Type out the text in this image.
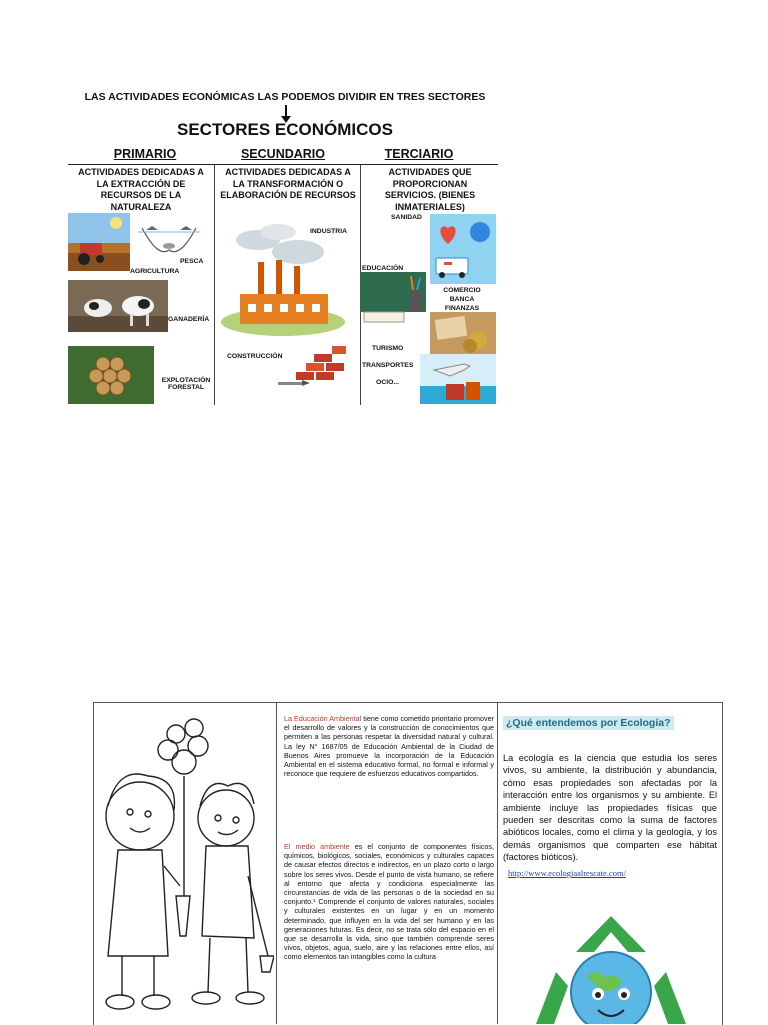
LAS ACTIVIDADES ECONÓMICAS LAS PODEMOS DIVIDIR EN TRES SECTORES
SECTORES ECONÓMICOS
PRIMARIO	SECUNDARIO	TERCIARIO
ACTIVIDADES DEDICADAS A LA EXTRACCIÓN DE RECURSOS DE LA NATURALEZA
ACTIVIDADES DEDICADAS A LA TRANSFORMACIÓN O ELABORACIÓN DE RECURSOS
ACTIVIDADES QUE PROPORCIONAN SERVICIOS. (BIENES INMATERIALES)
PESCA
AGRICULTURA
GANADERÍA
EXPLOTACIÓN FORESTAL
INDUSTRIA
CONSTRUCCIÓN
SANIDAD
EDUCACIÓN
COMERCIO BANCA FINANZAS
TURISMO
TRANSPORTES
OCIO...
La Educación Ambiental tiene como cometido prioritario promover el desarrollo de valores y la construcción de conocimientos que permiten a las personas respetar la diversidad natural y cultural. La ley N° 1687/05 de Educación Ambiental de la Ciudad de Buenos Aires promueve la incorporación de la Educación Ambiental en el sistema educativo formal, no formal e informal y reconoce que requiere de esfuerzos educativos compartidos.
El medio ambiente es el conjunto de componentes físicos, químicos, biológicos, sociales, económicos y culturales capaces de causar efectos directos e indirectos, en un plazo corto o largo sobre los seres vivos. Desde el punto de vista humano, se refiere al entorno que afecta y condiciona especialmente las circunstancias de vida de las personas o de la sociedad en su conjunto.¹ Comprende el conjunto de valores naturales, sociales y culturales existentes en un lugar y en un momento determinado, que influyen en la vida del ser humano y en las generaciones futuras. Es decir, no se trata sólo del espacio en el que se desarrolla la vida, sino que también comprende seres vivos, objetos, agua, suelo, aire y las relaciones entre ellos, así como elementos tan intangibles como la cultura
¿Qué entendemos por Ecología?
La ecología es la ciencia que estudia los seres vivos, su ambiente, la distribución y abundancia, cómo esas propiedades son afectadas por la interacción entre los organismos y su ambiente. El ambiente incluye las propiedades físicas que pueden ser descritas como la suma de factores abióticos locales, como el clima y la geología, y los demás organismos que comparten ese hábitat (factores bióticos).
http://www.ecologiaalrescate.com/
